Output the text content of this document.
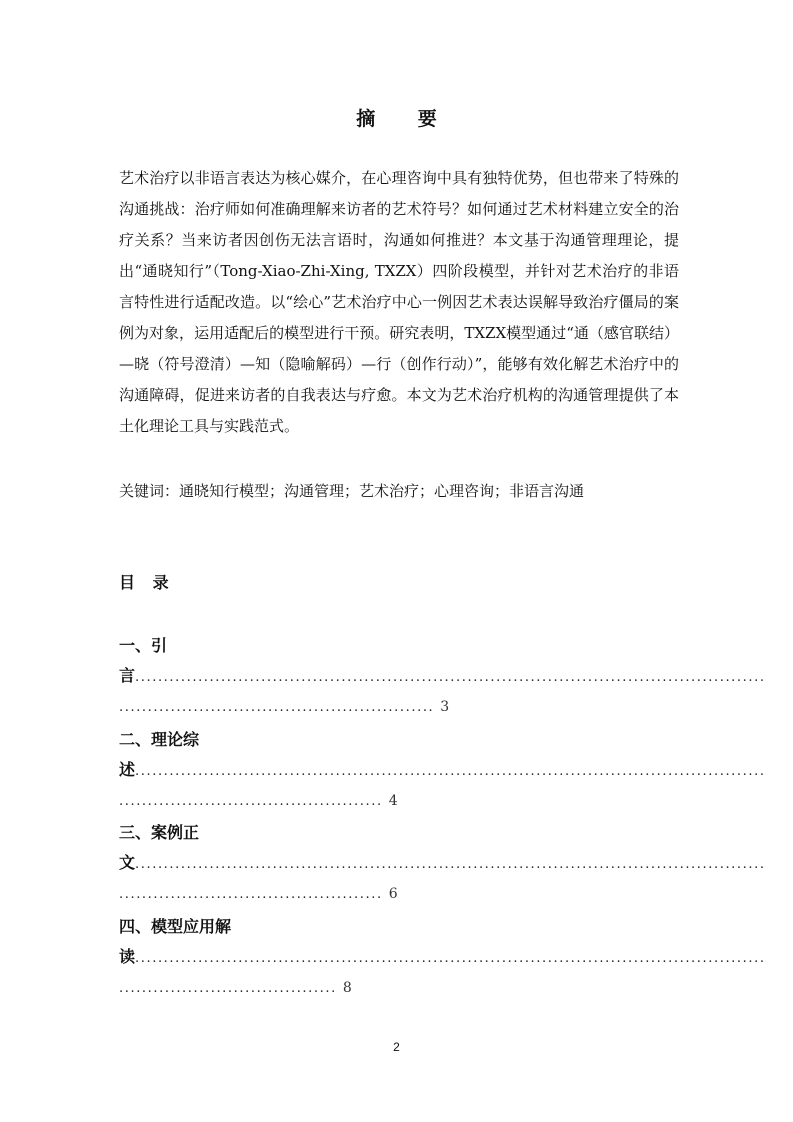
摘 要

艺术治疗以非语言表达为核心媒介，在心理咨询中具有独特优势，但也带来了特殊的沟通挑战：治疗师如何准确理解来访者的艺术符号？如何通过艺术材料建立安全的治疗关系？当来访者因创伤无法言语时，沟通如何推进？本文基于沟通管理理论，提出“通晓知行”（Tong-Xiao-Zhi-Xing, TXZX）四阶段模型，并针对艺术治疗的非语言特性进行适配改造。以“绘心”艺术治疗中心一例因艺术表达误解导致治疗僵局的案例为对象，运用适配后的模型进行干预。研究表明，TXZX模型通过“通（感官联结）—晓（符号澄清）—知（隐喻解码）—行（创作行动）”，能够有效化解艺术治疗中的沟通障碍，促进来访者的自我表达与疗愈。本文为艺术治疗机构的沟通管理提供了本土化理论工具与实践范式。

关键词：通晓知行模型；沟通管理；艺术治疗；心理咨询；非语言沟通

目 录

一、引
言..............................................................................................................
....................................................... 3
二、理论综
述..............................................................................................................
.............................................. 4
三、案例正
文..............................................................................................................
.............................................. 6
四、模型应用解
读..............................................................................................................
...................................... 8
2
